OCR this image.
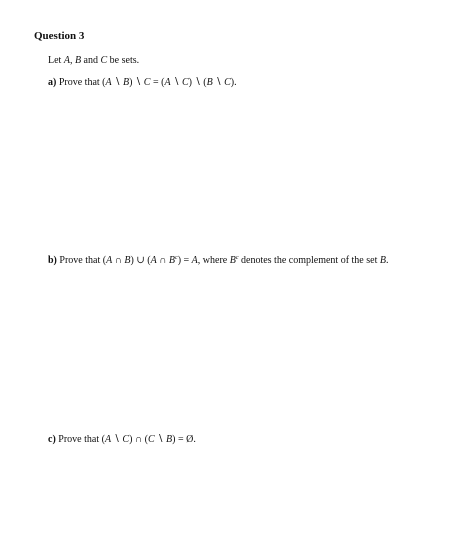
Question 3
Let A, B and C be sets.
a) Prove that (A ∖ B) ∖ C = (A ∖ C) ∖ (B ∖ C).
b) Prove that (A ∩ B) ∪ (A ∩ $B^c) = A$, where $B^c$ denotes the complement of the set B.
c) Prove that (A ∖ C) ∩ (C ∖ B) = Ø.
